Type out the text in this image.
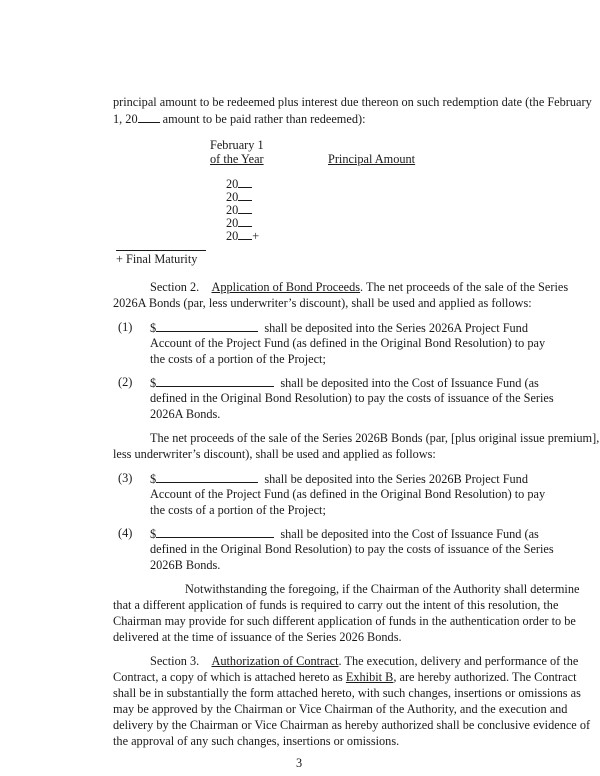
principal amount to be redeemed plus interest due thereon on such redemption date (the February
1, 20 amount to be paid rather than redeemed):
February 1
of the Year	Principal Amount
20
20
20
20
20 +
+ Final Maturity
Section 2. Application of Bond Proceeds. The net proceeds of the sale of the Series
2026A Bonds (par, less underwriter’s discount), shall be used and applied as follows:
(1) $	shall be deposited into the Series 2026A Project Fund
Account of the Project Fund (as defined in the Original Bond Resolution) to pay
the costs of a portion of the Project;
(2) $	shall be deposited into the Cost of Issuance Fund (as
defined in the Original Bond Resolution) to pay the costs of issuance of the Series
2026A Bonds.
The net proceeds of the sale of the Series 2026B Bonds (par, [plus original issue premium],
less underwriter’s discount), shall be used and applied as follows:
(3) $	shall be deposited into the Series 2026B Project Fund
Account of the Project Fund (as defined in the Original Bond Resolution) to pay
the costs of a portion of the Project;
(4) $	shall be deposited into the Cost of Issuance Fund (as
defined in the Original Bond Resolution) to pay the costs of issuance of the Series
2026B Bonds.
Notwithstanding the foregoing, if the Chairman of the Authority shall determine
that a different application of funds is required to carry out the intent of this resolution, the
Chairman may provide for such different application of funds in the authentication order to be
delivered at the time of issuance of the Series 2026 Bonds.
Section 3. Authorization of Contract. The execution, delivery and performance of the
Contract, a copy of which is attached hereto as Exhibit B, are hereby authorized. The Contract
shall be in substantially the form attached hereto, with such changes, insertions or omissions as
may be approved by the Chairman or Vice Chairman of the Authority, and the execution and
delivery by the Chairman or Vice Chairman as hereby authorized shall be conclusive evidence of
the approval of any such changes, insertions or omissions.
3
